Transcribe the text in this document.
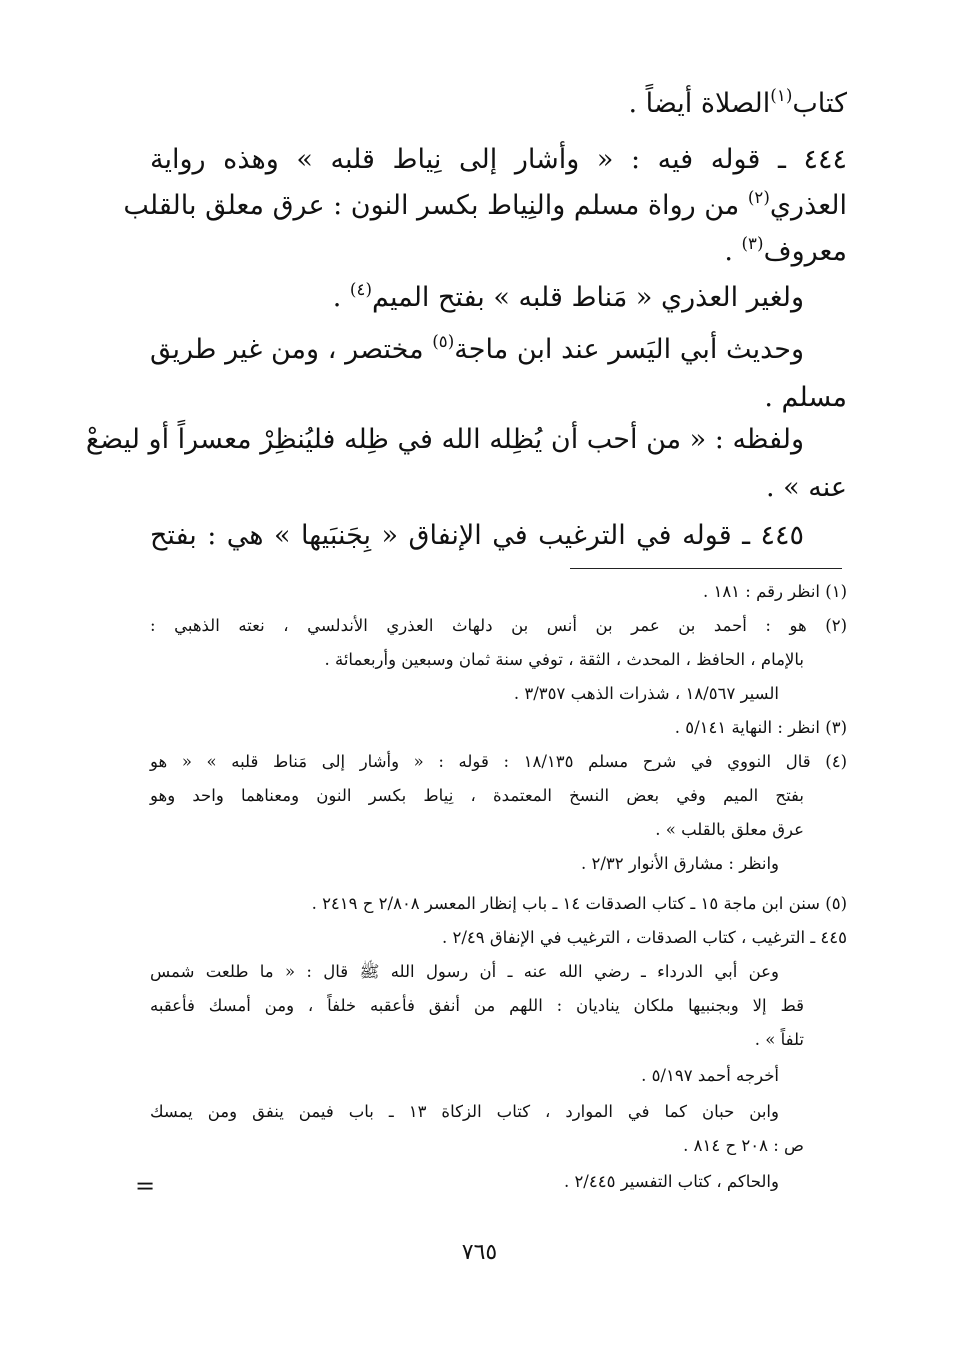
كتاب$^{(١)}$الصلاة أيضاً .
٤٤٤ ـ قوله فيه : « وأشار إلى نِياط قلبه » وهذه رواية
العذري$^{(٢)}$ من رواة مسلم والنِياط بكسر النون : عرق معلق بالقلب
معروف$^{(٣)}$ .
ولغير العذري « مَناط قلبه » بفتح الميم$^{(٤)}$ .
وحديث أبي اليَسر عند ابن ماجة$^{(٥)}$ مختصر ، ومن غير طريق
مسلم .
ولفظه : « من أحب أن يُظِله الله في ظِله فليُنظِرْ معسراً أو ليضعْ
عنه » .
٤٤٥ ـ قوله في الترغيب في الإنفاق « بِجَنبَيها » هي : بفتح
(١) انظر رقم : ١٨١ .
(٢) هو : أحمد بن عمر بن أنس بن دلهاث العذري الأندلسي ، نعته الذهبي :
بالإمام ، الحافظ ، المحدث ، الثقة ، توفي سنة ثمان وسبعين وأربعمائة .
السير ١٨/٥٦٧ ، شذرات الذهب ٣/٣٥٧ .
(٣) انظر : النهاية ٥/١٤١ .
(٤) قال النووي في شرح مسلم ١٨/١٣٥ : قوله : « وأشار إلى مَناط قلبه » « هو
بفتح الميم وفي بعض النسخ المعتمدة ، نِياط بكسر النون ومعناهما واحد وهو
عرق معلق بالقلب » .
وانظر : مشارق الأنوار ٢/٣٢ .
(٥) سنن ابن ماجة ١٥ ـ كتاب الصدقات ١٤ ـ باب إنظار المعسر ٢/٨٠٨ ح ٢٤١٩ .
٤٤٥ ـ الترغيب ، كتاب الصدقات ، الترغيب في الإنفاق ٢/٤٩ .
وعن أبي الدرداء ـ رضي الله عنه ـ أن رسول الله ﷺ قال : « ما طلعت شمس
قط إلا وبجنبيها ملكان يناديان : اللهم من أنفق فأعقبه خلفاً ، ومن أمسك فأعقبه
تلفاً » .
أخرجه أحمد ٥/١٩٧ .
وابن حبان كما في الموارد ، كتاب الزكاة ١٣ ـ باب فيمن ينفق ومن يمسك
ص : ٢٠٨ ح ٨١٤ .
والحاكم ، كتاب التفسير ٢/٤٤٥ .
=
٧٦٥
